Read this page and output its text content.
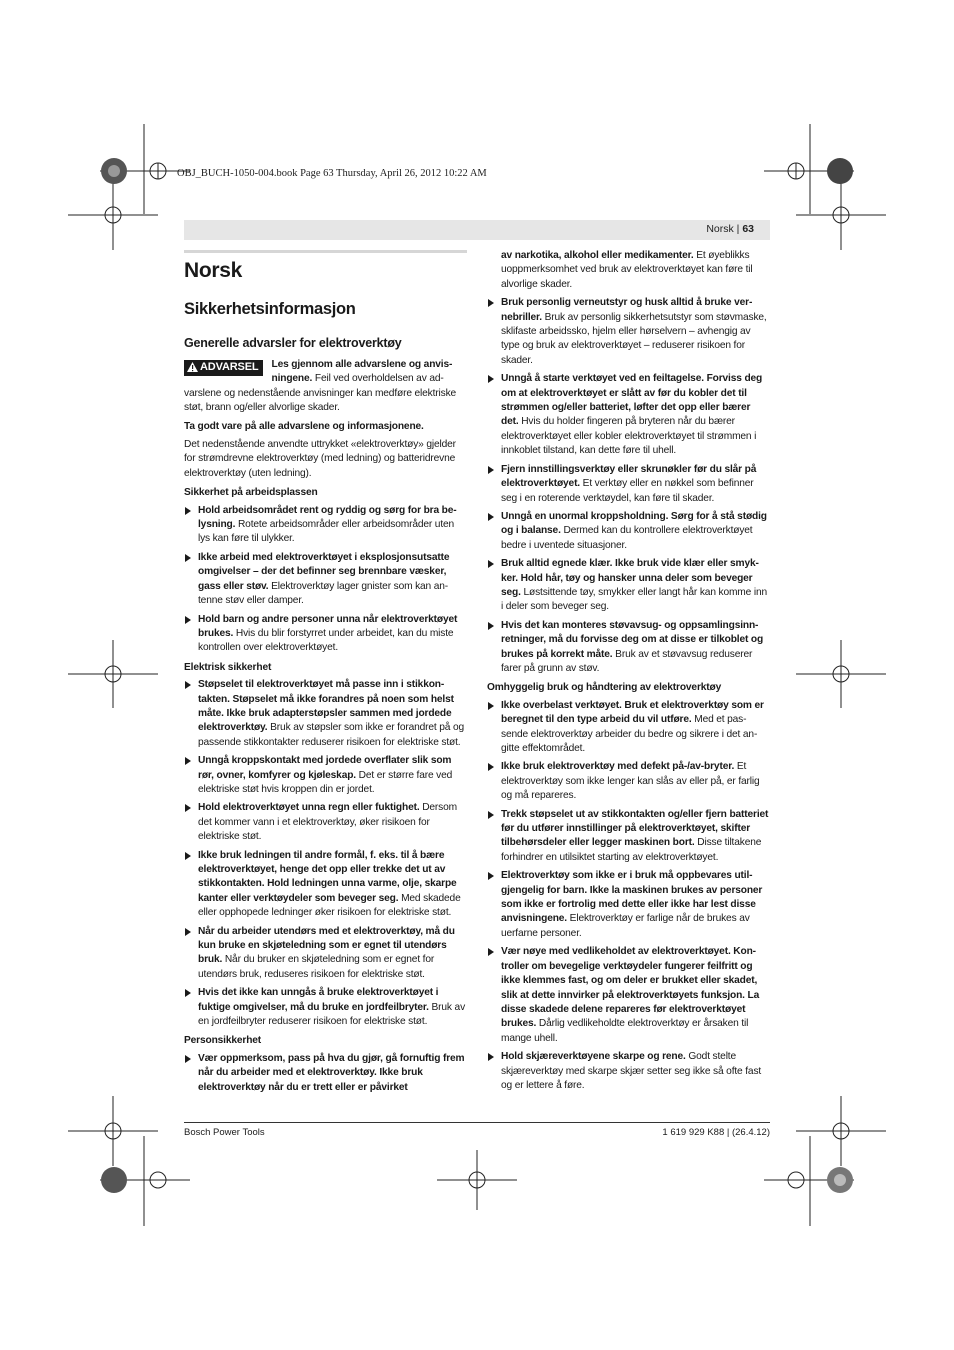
OBJ_BUCH-1050-004.book Page 63 Thursday, April 26, 2012 10:22 AM
Norsk | 63
Norsk
Sikkerhetsinformasjon
Generelle advarsler for elektroverktøy

ADVARSEL	Les gjennom alle advarslene og anvisningene. Feil ved overholdelsen av advarslene og nedenstående anvisninger kan medføre elektriske støt, brann og/eller alvorlige skader.

Ta godt vare på alle advarslene og informasjonene.

Det nedenstående anvendte uttrykket «elektroverktøy» gjelder for strømdrevne elektroverktøy (med ledning) og batteridrevne elektroverktøy (uten ledning).

Sikkerhet på arbeidsplassen

Hold arbeidsområdet rent og ryddig og sørg for bra belysning. Rotete arbeidsområder eller arbeidsområder uten lys kan føre til ulykker.
Ikke arbeid med elektroverktøyet i eksplosjonsutsatte omgivelser – der det befinner seg brennbare væsker, gass eller støv. Elektroverktøy lager gnister som kan antenne støv eller damper.
Hold barn og andre personer unna når elektroverktøyet brukes. Hvis du blir forstyrret under arbeidet, kan du miste kontrollen over elektroverktøyet.

Elektrisk sikkerhet

Støpselet til elektroverktøyet må passe inn i stikkontakten. Støpselet må ikke forandres på noen som helst måte. Ikke bruk adapterstøpsler sammen med jordede elektroverktøy. Bruk av støpsler som ikke er forandret på og passende stikkontakter reduserer risikoen for elektriske støt.
Unngå kroppskontakt med jordede overflater slik som rør, ovner, komfyrer og kjøleskap. Det er større fare ved elektriske støt hvis kroppen din er jordet.
Hold elektroverktøyet unna regn eller fuktighet. Dersom det kommer vann i et elektroverktøy, øker risikoen for elektriske støt.
Ikke bruk ledningen til andre formål, f. eks. til å bære elektroverktøyet, henge det opp eller trekke det ut av stikkontakten. Hold ledningen unna varme, olje, skarpe kanter eller verktøydeler som beveger seg. Med skadede eller opphopede ledninger øker risikoen for elektriske støt.
Når du arbeider utendørs med et elektroverktøy, må du kun bruke en skjøteledning som er egnet til utendørs bruk. Når du bruker en skjøteledning som er egnet for utendørs bruk, reduseres risikoen for elektriske støt.
Hvis det ikke kan unngås å bruke elektroverktøyet i fuktige omgivelser, må du bruke en jordfeilbryter. Bruk av en jordfeilbryter reduserer risikoen for elektriske støt.

Personsikkerhet

Vær oppmerksom, pass på hva du gjør, gå fornuftig frem når du arbeider med et elektroverktøy. Ikke bruk elektroverktøy når du er trett eller er påvirket

av narkotika, alkohol eller medikamenter. Et øyeblikks uoppmerksomhet ved bruk av elektroverktøyet kan føre til alvorlige skader.

Bruk personlig verneutstyr og husk alltid å bruke vernebriller. Bruk av personlig sikkerhetsutstyr som støvmaske, sklifaste arbeidssko, hjelm eller hørselvern – avhengig av type og bruk av elektroverktøyet – reduserer risikoen for skader.
Unngå å starte verktøyet ved en feiltagelse. Forviss deg om at elektroverktøyet er slått av før du kobler det til strømmen og/eller batteriet, løfter det opp eller bærer det. Hvis du holder fingeren på bryteren når du bærer elektroverktøyet eller kobler elektroverktøyet til strømmen i innkoblet tilstand, kan dette føre til uhell.
Fjern innstillingsverktøy eller skrunøkler før du slår på elektroverktøyet. Et verktøy eller en nøkkel som befinner seg i en roterende verktøydel, kan føre til skader.
Unngå en unormal kroppsholdning. Sørg for å stå stødig og i balanse. Dermed kan du kontrollere elektroverktøyet bedre i uventede situasjoner.
Bruk alltid egnede klær. Ikke bruk vide klær eller smykker. Hold hår, tøy og hansker unna deler som beveger seg. Løstsittende tøy, smykker eller langt hår kan komme inn i deler som beveger seg.
Hvis det kan monteres støvavsug- og oppsamlingsinnretninger, må du forvisse deg om at disse er tilkoblet og brukes på korrekt måte. Bruk av et støvavsug reduserer farer på grunn av støv.

Omhyggelig bruk og håndtering av elektroverktøy

Ikke overbelast verktøyet. Bruk et elektroverktøy som er beregnet til den type arbeid du vil utføre. Med et passende elektroverktøy arbeider du bedre og sikrere i det angitte effektområdet.
Ikke bruk elektroverktøy med defekt på-/av-bryter. Et elektroverktøy som ikke lenger kan slås av eller på, er farlig og må repareres.
Trekk støpselet ut av stikkontakten og/eller fjern batteriet før du utfører innstillinger på elektroverktøyet, skifter tilbehørsdeler eller legger maskinen bort. Disse tiltakene forhindrer en utilsiktet starting av elektroverktøyet.
Elektroverktøy som ikke er i bruk må oppbevares utilgjengelig for barn. Ikke la maskinen brukes av personer som ikke er fortrolig med dette eller ikke har lest disse anvisningene. Elektroverktøy er farlige når de brukes av uerfarne personer.
Vær nøye med vedlikeholdet av elektroverktøyet. Kontroller om bevegelige verktøydeler fungerer feilfritt og ikke klemmes fast, og om deler er brukket eller skadet, slik at dette innvirker på elektroverktøyets funksjon. La disse skadede delene repareres før elektroverktøyet brukes. Dårlig vedlikeholdte elektroverktøy er årsaken til mange uhell.
Hold skjæreverktøyene skarpe og rene. Godt stelte skjæreverktøy med skarpe skjær setter seg ikke så ofte fast og er lettere å føre.
Bosch Power Tools	1 619 929 K88 | (26.4.12)
